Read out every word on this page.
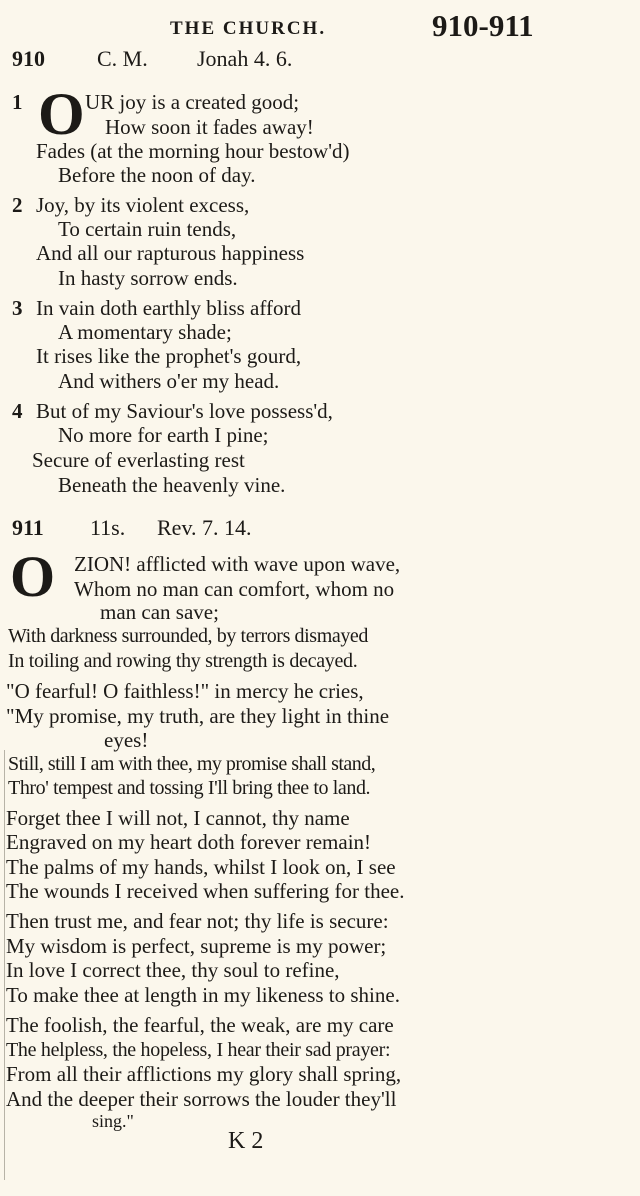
THE CHURCH.	910-911
910 C. M. Jonah 4. 6.
O
1	UR joy is a created good;
How soon it fades away!
Fades (at the morning hour bestow'd)
Before the noon of day.
2 Joy, by its violent excess,
To certain ruin tends,
And all our rapturous happiness
In hasty sorrow ends.
3 In vain doth earthly bliss afford
A momentary shade;
It rises like the prophet's gourd,
And withers o'er my head.
4 But of my Saviour's love possess'd,
No more for earth I pine;
Secure of everlasting rest
Beneath the heavenly vine.
911 11s. Rev. 7. 14.
O ZION! afflicted with wave upon wave,
Whom no man can comfort, whom no
man can save;
With darkness surrounded, by terrors dismayed
In toiling and rowing thy strength is decayed.
"O fearful! O faithless!" in mercy he cries,
"My promise, my truth, are they light in thine
eyes!
Still, still I am with thee, my promise shall stand,
Thro' tempest and tossing I'll bring thee to land.
Forget thee I will not, I cannot, thy name
Engraved on my heart doth forever remain!
The palms of my hands, whilst I look on, I see
The wounds I received when suffering for thee.
Then trust me, and fear not; thy life is secure:
My wisdom is perfect, supreme is my power;
In love I correct thee, thy soul to refine,
To make thee at length in my likeness to shine.
The foolish, the fearful, the weak, are my care
The helpless, the hopeless, I hear their sad prayer:
From all their afflictions my glory shall spring,
And the deeper their sorrows the louder they'll
sing."
K 2
